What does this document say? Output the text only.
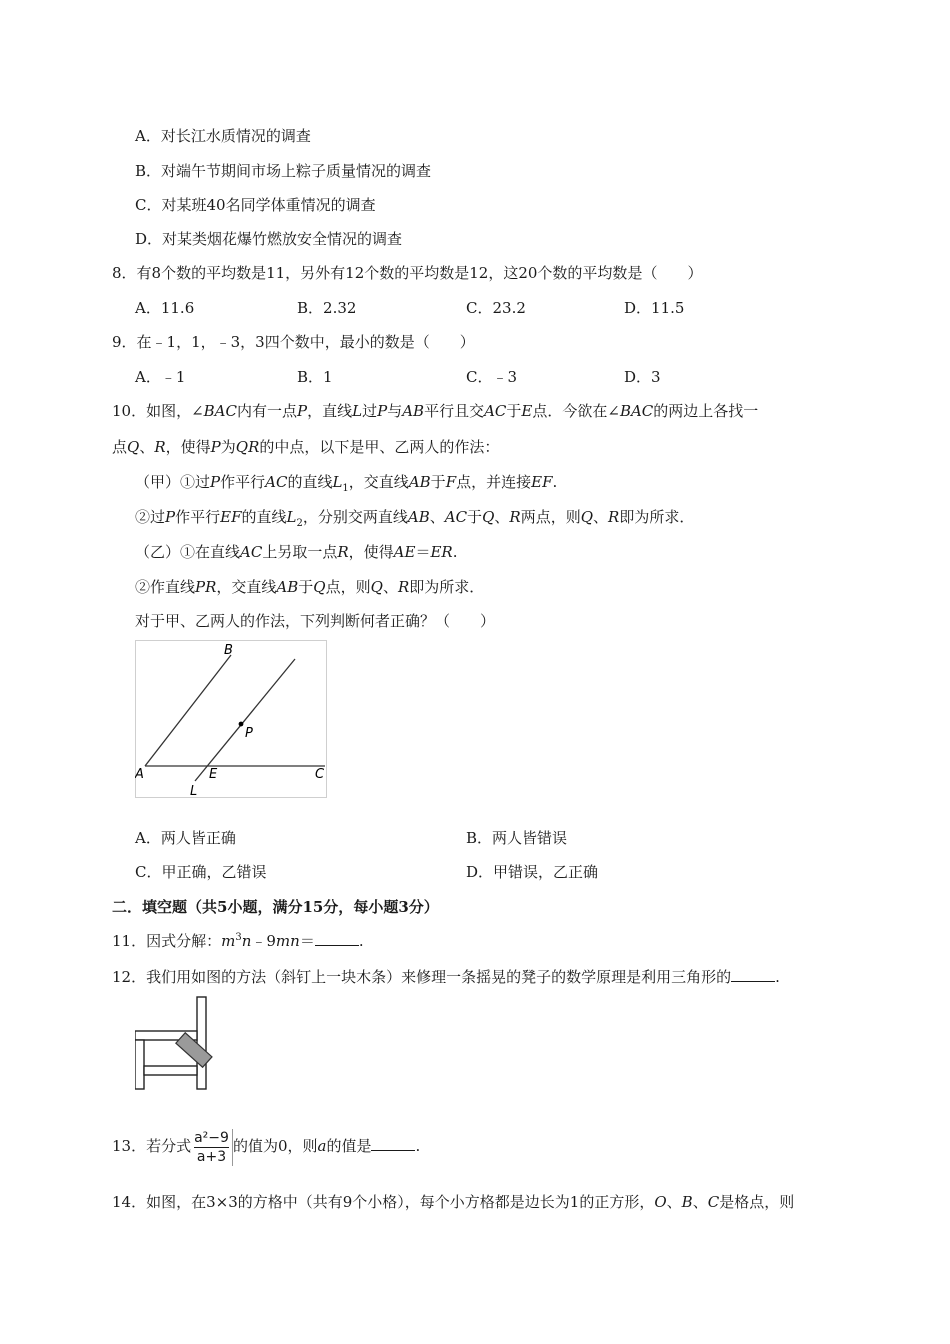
A．对长江水质情况的调查
B．对端午节期间市场上粽子质量情况的调查
C．对某班40名同学体重情况的调查
D．对某类烟花爆竹燃放安全情况的调查
8．有8个数的平均数是11，另外有12个数的平均数是12，这20个数的平均数是（　　）
A．11.6	B．2.32	C．23.2	D．11.5
9．在﹣1，1，﹣3，3四个数中，最小的数是（　　）
A．﹣1	B．1	C．﹣3	D．3
10．如图，∠BAC内有一点P，直线L过P与AB平行且交AC于E点．今欲在∠BAC的两边上各找一
点Q、R，使得P为QR的中点，以下是甲、乙两人的作法：
（甲）①过P作平行AC的直线$L_1$，交直线AB于F点，并连接EF.
②过P作平行EF的直线$L_2$，分别交两直线AB、AC于Q、R两点，则Q、R即为所求．
（乙）①在直线AC上另取一点R，使得AE＝ER.
②作直线PR，交直线AB于Q点，则Q、R即为所求．
对于甲、乙两人的作法，下列判断何者正确？（　　）
B
P
A	E	C
L
A．两人皆正确	B．两人皆错误
C．甲正确，乙错误	D．甲错误，乙正确
二．填空题（共5小题，满分15分，每小题3分）
11．因式分解：$m^3n﹣9mn=$	.
12．我们用如图的方法（斜钉上一块木条）来修理一条摇晃的凳子的数学原理是利用三角形的	.
13．若分式 $\frac{\text{a²−9}}{a+3}$ 的值为0，则a的值是	.
14．如图，在3×3的方格中（共有9个小格），每个小方格都是边长为1的正方形，O、B、C是格点，则
